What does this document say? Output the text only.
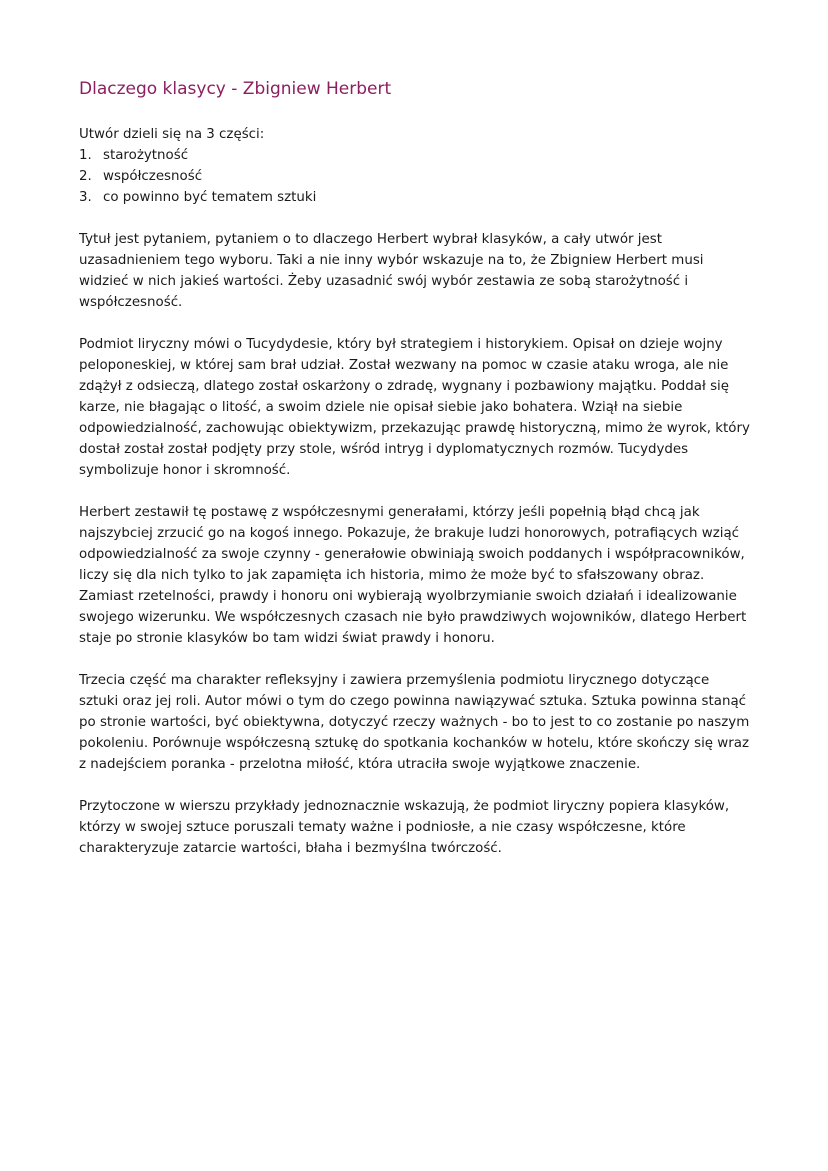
Dlaczego klasycy - Zbigniew Herbert

Utwór dzieli się na 3 części:

1. starożytność
2. współczesność
3. co powinno być tematem sztuki

Tytuł jest pytaniem, pytaniem o to dlaczego Herbert wybrał klasyków, a cały utwór jest uzasadnieniem tego wyboru. Taki a nie inny wybór wskazuje na to, że Zbigniew Herbert musi widzieć w nich jakieś wartości. Żeby uzasadnić swój wybór zestawia ze sobą starożytność i współczesność.

Podmiot liryczny mówi o Tucydydesie, który był strategiem i historykiem. Opisał on dzieje wojny peloponeskiej, w której sam brał udział. Został wezwany na pomoc w czasie ataku wroga, ale nie zdążył z odsieczą, dlatego został oskarżony o zdradę, wygnany i pozbawiony majątku. Poddał się karze, nie błagając o litość, a swoim dziele nie opisał siebie jako bohatera. Wziął na siebie odpowiedzialność, zachowując obiektywizm, przekazując prawdę historyczną, mimo że wyrok, który dostał został został podjęty przy stole, wśród intryg i dyplomatycznych rozmów. Tucydydes symbolizuje honor i skromność.

Herbert zestawił tę postawę z współczesnymi generałami, którzy jeśli popełnią błąd chcą jak najszybciej zrzucić go na kogoś innego. Pokazuje, że brakuje ludzi honorowych, potrafiących wziąć odpowiedzialność za swoje czynny - generałowie obwiniają swoich poddanych i współpracowników, liczy się dla nich tylko to jak zapamięta ich historia, mimo że może być to sfałszowany obraz. Zamiast rzetelności, prawdy i honoru oni wybierają wyolbrzymianie swoich działań i idealizowanie swojego wizerunku. We współczesnych czasach nie było prawdziwych wojowników, dlatego Herbert staje po stronie klasyków bo tam widzi świat prawdy i honoru.

Trzecia część ma charakter refleksyjny i zawiera przemyślenia podmiotu lirycznego dotyczące sztuki oraz jej roli. Autor mówi o tym do czego powinna nawiązywać sztuka. Sztuka powinna stanąć po stronie wartości, być obiektywna, dotyczyć rzeczy ważnych - bo to jest to co zostanie po naszym pokoleniu. Porównuje współczesną sztukę do spotkania kochanków w hotelu, które skończy się wraz z nadejściem poranka - przelotna miłość, która utraciła swoje wyjątkowe znaczenie.

Przytoczone w wierszu przykłady jednoznacznie wskazują, że podmiot liryczny popiera klasyków, którzy w swojej sztuce poruszali tematy ważne i podniosłe, a nie czasy współczesne, które charakteryzuje zatarcie wartości, błaha i bezmyślna twórczość.
